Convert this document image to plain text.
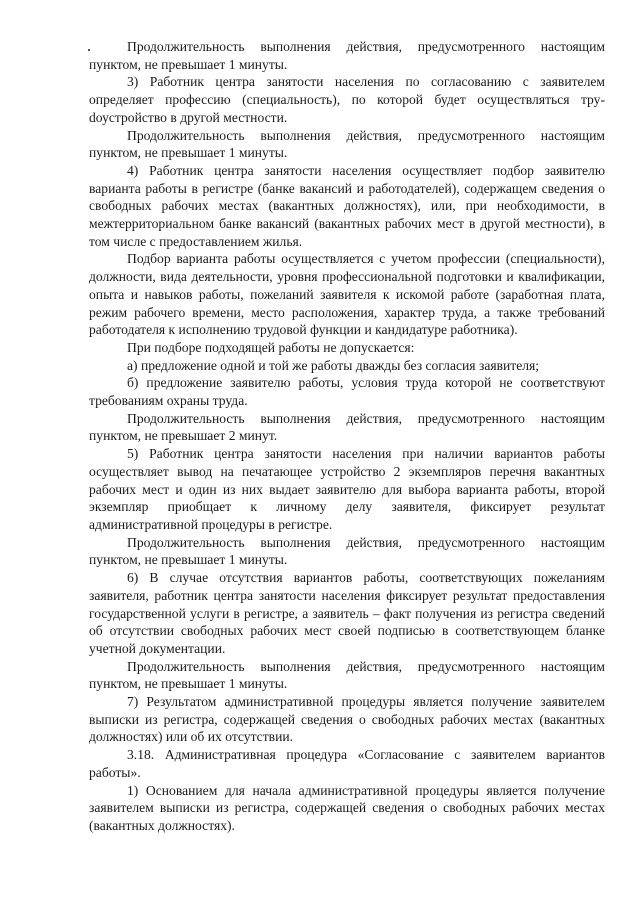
Продолжительность выполнения действия, предусмотренного настоящим пунктом, не превышает 1 минуты.

3) Работник центра занятости населения по согласованию с заявителем определяет профессию (специальность), по которой будет осуществляться труdоустройство в другой местности.

Продолжительность выполнения действия, предусмотренного настоящим пунктом, не превышает 1 минуты.

4) Работник центра занятости населения осуществляет подбор заявителю варианта работы в регистре (банке вакансий и работодателей), содержащем сведения о свободных рабочих местах (вакантных должностях), или, при необходимости, в межтерриториальном банке вакансий (вакантных рабочих мест в другой местности), в том числе с предоставлением жилья.

Подбор варианта работы осуществляется с учетом профессии (специальности), должности, вида деятельности, уровня профессиональной подготовки и квалификации, опыта и навыков работы, пожеланий заявителя к искомой работе (заработная плата, режим рабочего времени, место расположения, характер труда, а также требований работодателя к исполнению трудовой функции и кандидатуре работника).

При подборе подходящей работы не допускается:

а) предложение одной и той же работы дважды без согласия заявителя;

б) предложение заявителю работы, условия труда которой не соответствуют требованиям охраны труда.

Продолжительность выполнения действия, предусмотренного настоящим пунктом, не превышает 2 минут.

5) Работник центра занятости населения при наличии вариантов работы осуществляет вывод на печатающее устройство 2 экземпляров перечня вакантных рабочих мест и один из них выдает заявителю для выбора варианта работы, второй экземпляр приобщает к личному делу заявителя, фиксирует результат административной процедуры в регистре.

Продолжительность выполнения действия, предусмотренного настоящим пунктом, не превышает 1 минуты.

6) В случае отсутствия вариантов работы, соответствующих пожеланиям заявителя, работник центра занятости населения фиксирует результат предоставления государственной услуги в регистре, а заявитель – факт получения из регистра сведений об отсутствии свободных рабочих мест своей подписью в соответствующем бланке учетной документации.

Продолжительность выполнения действия, предусмотренного настоящим пунктом, не превышает 1 минуты.

7) Результатом административной процедуры является получение заявителем выписки из регистра, содержащей сведения о свободных рабочих местах (вакантных должностях) или об их отсутствии.

3.18. Административная процедура «Согласование с заявителем вариантов работы».

1) Основанием для начала административной процедуры является получение заявителем выписки из регистра, содержащей сведения о свободных рабочих местах (вакантных должностях).
